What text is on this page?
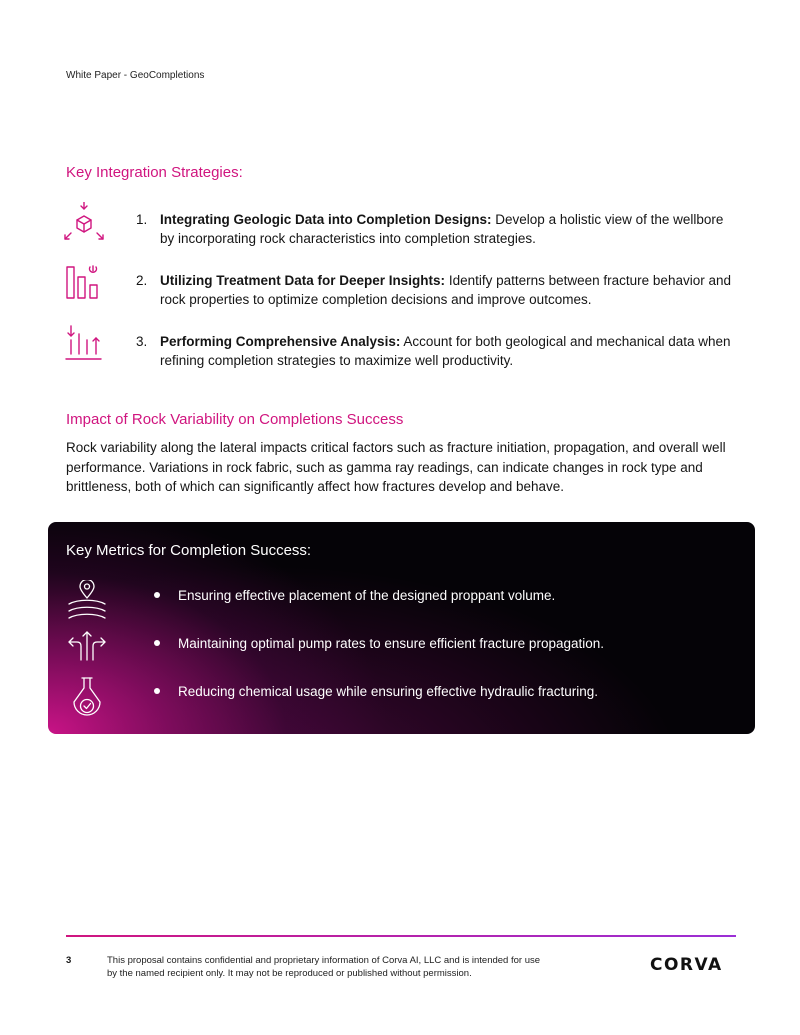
White Paper - GeoCompletions
Key Integration Strategies:
1. Integrating Geologic Data into Completion Designs: Develop a holistic view of the wellbore by incorporating rock characteristics into completion strategies.
2. Utilizing Treatment Data for Deeper Insights: Identify patterns between fracture behavior and rock properties to optimize completion decisions and improve outcomes.
3. Performing Comprehensive Analysis: Account for both geological and mechanical data when refining completion strategies to maximize well productivity.
Impact of Rock Variability on Completions Success
Rock variability along the lateral impacts critical factors such as fracture initiation, propagation, and overall well performance. Variations in rock fabric, such as gamma ray readings, can indicate changes in rock type and brittleness, both of which can significantly affect how fractures develop and behave.
Key Metrics for Completion Success:
Ensuring effective placement of the designed proppant volume.
Maintaining optimal pump rates to ensure efficient fracture propagation.
Reducing chemical usage while ensuring effective hydraulic fracturing.
3	This proposal contains confidential and proprietary information of Corva AI, LLC and is intended for use by the named recipient only. It may not be reproduced or published without permission.	CORVA
